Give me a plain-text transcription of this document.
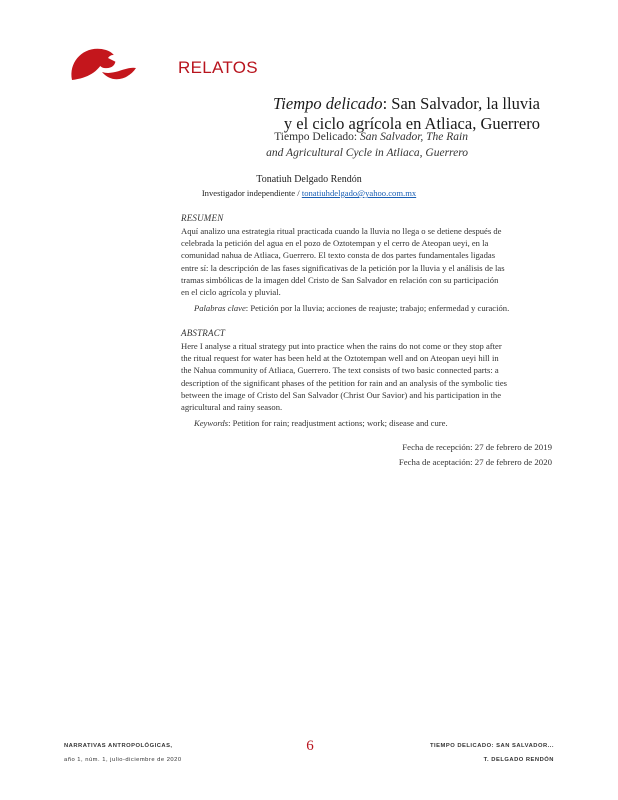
RELATOS
Tiempo delicado: San Salvador, la lluvia
y el ciclo agrícola en Atliaca, Guerrero
Tiempo Delicado: San Salvador, The Rain
and Agricultural Cycle in Atliaca, Guerrero
Tonatiuh Delgado Rendón
Investigador independiente / tonatiuhdelgado@yahoo.com.mx
RESUMEN
Aquí analizo una estrategia ritual practicada cuando la lluvia no llega o se detiene después de
celebrada la petición del agua en el pozo de Oztotempan y el cerro de Ateopan ueyi, en la
comunidad nahua de Atliaca, Guerrero. El texto consta de dos partes fundamentales ligadas
entre sí: la descripción de las fases significativas de la petición por la lluvia y el análisis de las
tramas simbólicas de la imagen ddel Cristo de San Salvador en relación con su participación
en el ciclo agrícola y pluvial.
Palabras clave: Petición por la lluvia; acciones de reajuste; trabajo; enfermedad y curación.
ABSTRACT
Here I analyse a ritual strategy put into practice when the rains do not come or they stop after
the ritual request for water has been held at the Oztotempan well and on Ateopan ueyi hill in
the Nahua community of Atliaca, Guerrero. The text consists of two basic connected parts: a
description of the significant phases of the petition for rain and an analysis of the symbolic ties
between the image of Cristo del San Salvador (Christ Our Savior) and his participation in the
agricultural and rainy season.
Keywords: Petition for rain; readjustment actions; work; disease and cure.
Fecha de recepción: 27 de febrero de 2019
Fecha de aceptación: 27 de febrero de 2020
NARRATIVAS ANTROPOLÓGICAS,
año 1, núm. 1, julio-diciembre de 2020
6	TIEMPO DELICADO: SAN SALVADOR...
T. DELGADO RENDÓN
